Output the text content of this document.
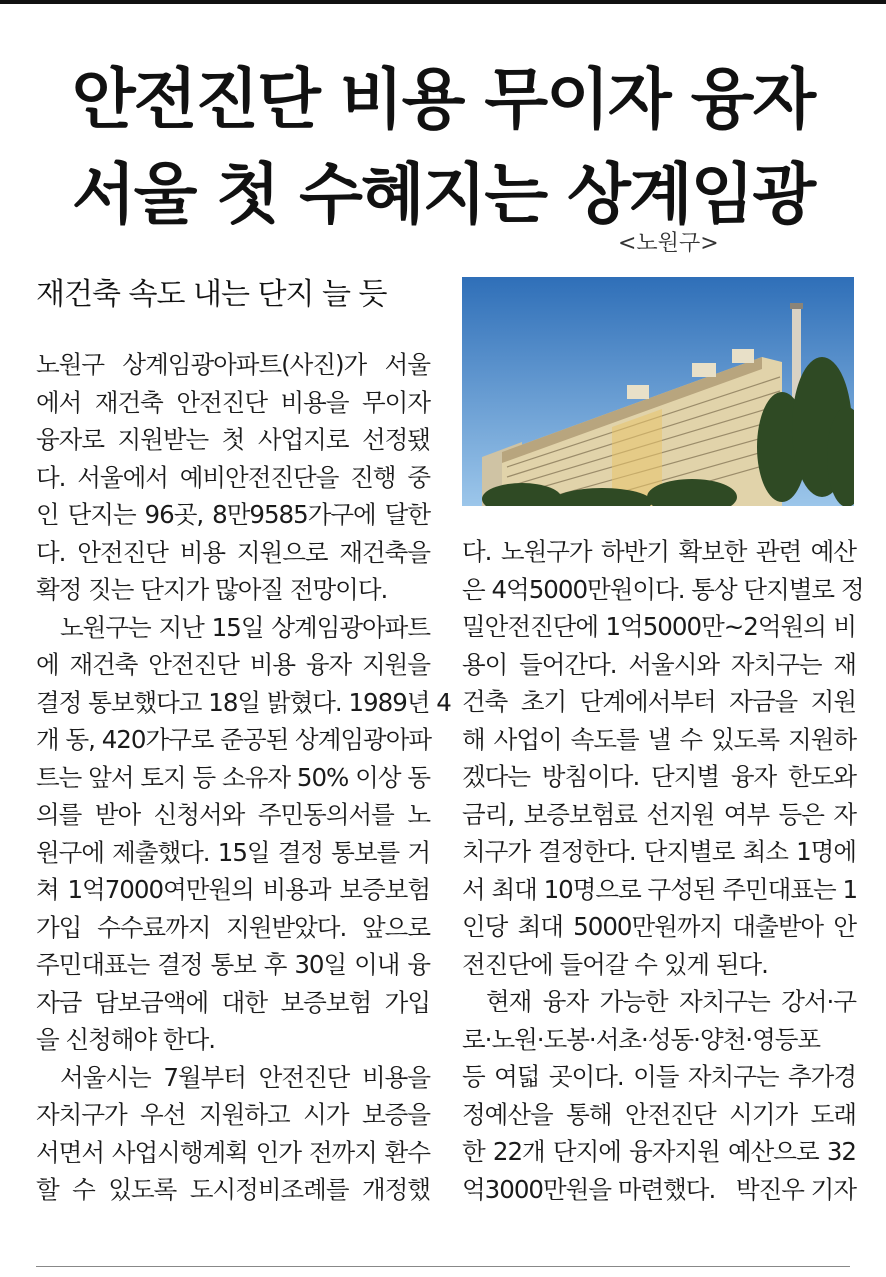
안전진단 비용 무이자 융자
서울 첫 수혜지는 상계임광
<노원구>
재건축 속도 내는 단지 늘 듯
노원구 상계임광아파트(사진)가 서울
에서 재건축 안전진단 비용을 무이자
융자로 지원받는 첫 사업지로 선정됐
다. 서울에서 예비안전진단을 진행 중
인 단지는 96곳, 8만9585가구에 달한
다. 안전진단 비용 지원으로 재건축을
확정 짓는 단지가 많아질 전망이다.
노원구는 지난 15일 상계임광아파트
에 재건축 안전진단 비용 융자 지원을
결정 통보했다고 18일 밝혔다. 1989년 4
개 동, 420가구로 준공된 상계임광아파
트는 앞서 토지 등 소유자 50% 이상 동
의를 받아 신청서와 주민동의서를 노
원구에 제출했다. 15일 결정 통보를 거
쳐 1억7000여만원의 비용과 보증보험
가입 수수료까지 지원받았다. 앞으로
주민대표는 결정 통보 후 30일 이내 융
자금 담보금액에 대한 보증보험 가입
을 신청해야 한다.
서울시는 7월부터 안전진단 비용을
자치구가 우선 지원하고 시가 보증을
서면서 사업시행계획 인가 전까지 환수
할 수 있도록 도시정비조례를 개정했
다. 노원구가 하반기 확보한 관련 예산
은 4억5000만원이다. 통상 단지별로 정
밀안전진단에 1억5000만~2억원의 비
용이 들어간다. 서울시와 자치구는 재
건축 초기 단계에서부터 자금을 지원
해 사업이 속도를 낼 수 있도록 지원하
겠다는 방침이다. 단지별 융자 한도와
금리, 보증보험료 선지원 여부 등은 자
치구가 결정한다. 단지별로 최소 1명에
서 최대 10명으로 구성된 주민대표는 1
인당 최대 5000만원까지 대출받아 안
전진단에 들어갈 수 있게 된다.
현재 융자 가능한 자치구는 강서·구
로·노원·도봉·서초·성동·양천·영등포
등 여덟 곳이다. 이들 자치구는 추가경
정예산을 통해 안전진단 시기가 도래
한 22개 단지에 융자지원 예산으로 32
억3000만원을 마련했다. 박진우 기자
